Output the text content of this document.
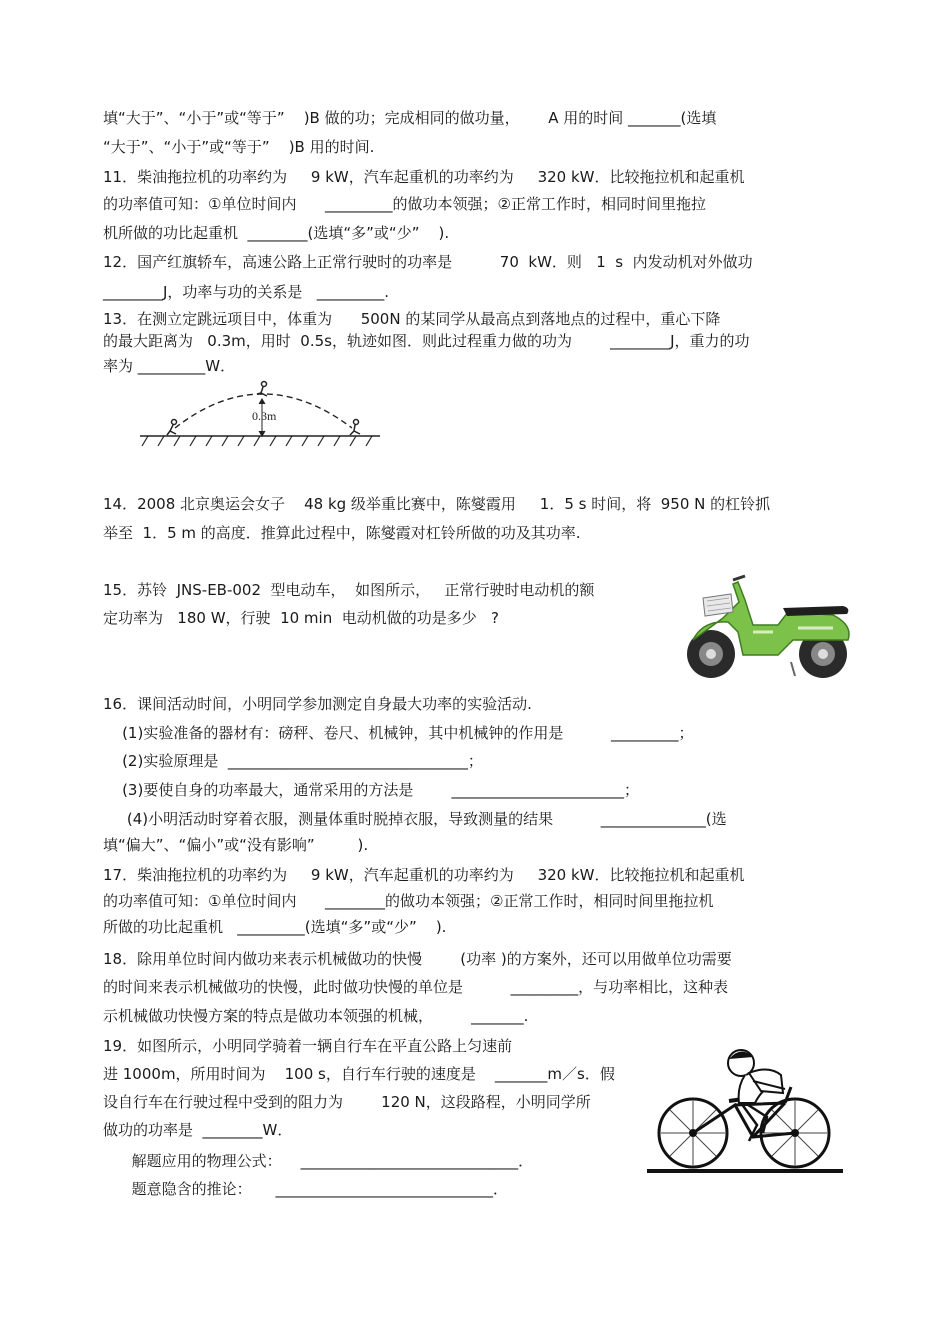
填“大于”、“小于”或“等于”    )B 做的功；完成相同的做功量，      A 用的时间 _______(选填
“大于”、“小于”或“等于”    )B 用的时间.
11．柴油拖拉机的功率约为     9 kW，汽车起重机的功率约为     320 kW．比较拖拉机和起重机
的功率值可知：①单位时间内      _________的做功本领强；②正常工作时，相同时间里拖拉
机所做的功比起重机  ________(选填“多”或“少”    ).
12．国产红旗轿车，高速公路上正常行驶时的功率是          70  kW．则   1  s  内发动机对外做功
________J，功率与功的关系是   _________.
13．在测立定跳远项目中，体重为      500N 的某同学从最高点到落地点的过程中，重心下降
的最大距离为   0.3m，用时  0.5s，轨迹如图．则此过程重力做的功为        ________J，重力的功
率为 _________W．
14．2008 北京奥运会女子    48 kg 级举重比赛中，陈燮霞用     1．5 s 时间，将  950 N 的杠铃抓
举至  1．5 m 的高度．推算此过程中，陈燮霞对杠铃所做的功及其功率.
15．苏铃  JNS-EB-002  型电动车，  如图所示，   正常行驶时电动机的额
定功率为   180 W，行驶  10 min  电动机做的功是多少   ?
16．课间活动时间，小明同学参加测定自身最大功率的实验活动.
(1)实验准备的器材有：磅秤、卷尺、机械钟，其中机械钟的作用是          _________；
(2)实验原理是  ________________________________；
(3)要使自身的功率最大，通常采用的方法是        _______________________；
(4)小明活动时穿着衣服，测量体重时脱掉衣服，导致测量的结果          ______________(选
填“偏大”、“偏小”或“没有影响”         ).
17．柴油拖拉机的功率约为     9 kW，汽车起重机的功率约为     320 kW．比较拖拉机和起重机
的功率值可知：①单位时间内      ________的做功本领强；②正常工作时，相同时间里拖拉机
所做的功比起重机   _________(选填“多”或“少”    ).
18．除用单位时间内做功来表示机械做功的快慢        (功率 )的方案外，还可以用做单位功需要
的时间来表示机械做功的快慢，此时做功快慢的单位是          _________，与功率相比，这种表
示机械做功快慢方案的特点是做功本领强的机械，        _______.
19．如图所示，小明同学骑着一辆自行车在平直公路上匀速前
进 1000m，所用时间为    100 s，自行车行驶的速度是    _______m／s．假
设自行车在行驶过程中受到的阻力为        120 N，这段路程，小明同学所
做功的功率是  ________W．
解题应用的物理公式：    _____________________________．
题意隐含的推论：     _____________________________．
0.3m
